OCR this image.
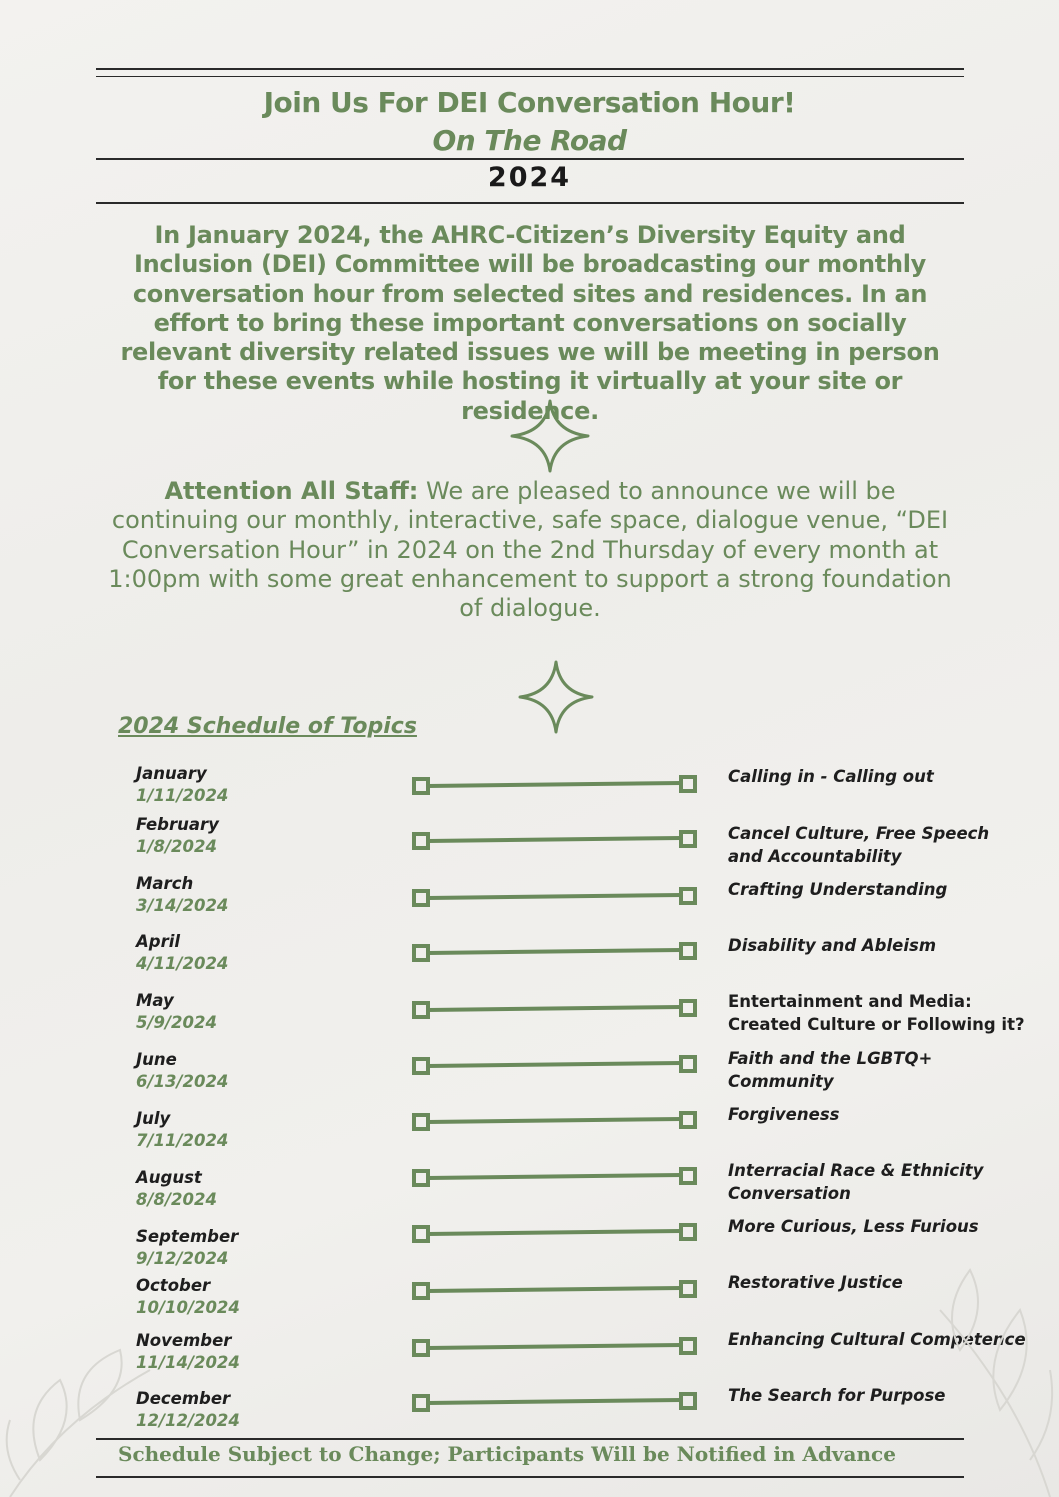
Join Us For DEI Conversation Hour!
On The Road
2024
In January 2024, the AHRC-Citizen’s Diversity Equity and Inclusion (DEI) Committee will be broadcasting our monthly conversation hour from selected sites and residences. In an effort to bring these important conversations on socially relevant diversity related issues we will be meeting in person for these events while hosting it virtually at your site or residence.
Attention All Staff: We are pleased to announce we will be continuing our monthly, interactive, safe space, dialogue venue, “DEI Conversation Hour” in 2024 on the 2nd Thursday of every month at 1:00pm with some great enhancement to support a strong foundation of dialogue.
2024 Schedule of Topics
January
1/11/2024
Calling in - Calling out
February
1/8/2024
Cancel Culture, Free Speech and Accountability
March
3/14/2024
Crafting Understanding
April
4/11/2024
Disability and Ableism
May
5/9/2024
Entertainment and Media: Created Culture or Following it?
June
6/13/2024
Faith and the LGBTQ+ Community
July
7/11/2024
Forgiveness
August
8/8/2024
Interracial Race & Ethnicity Conversation
September
9/12/2024
More Curious, Less Furious
October
10/10/2024
Restorative Justice
November
11/14/2024
Enhancing Cultural Competence
December
12/12/2024
The Search for Purpose
Schedule Subject to Change; Participants Will be Notified in Advance
